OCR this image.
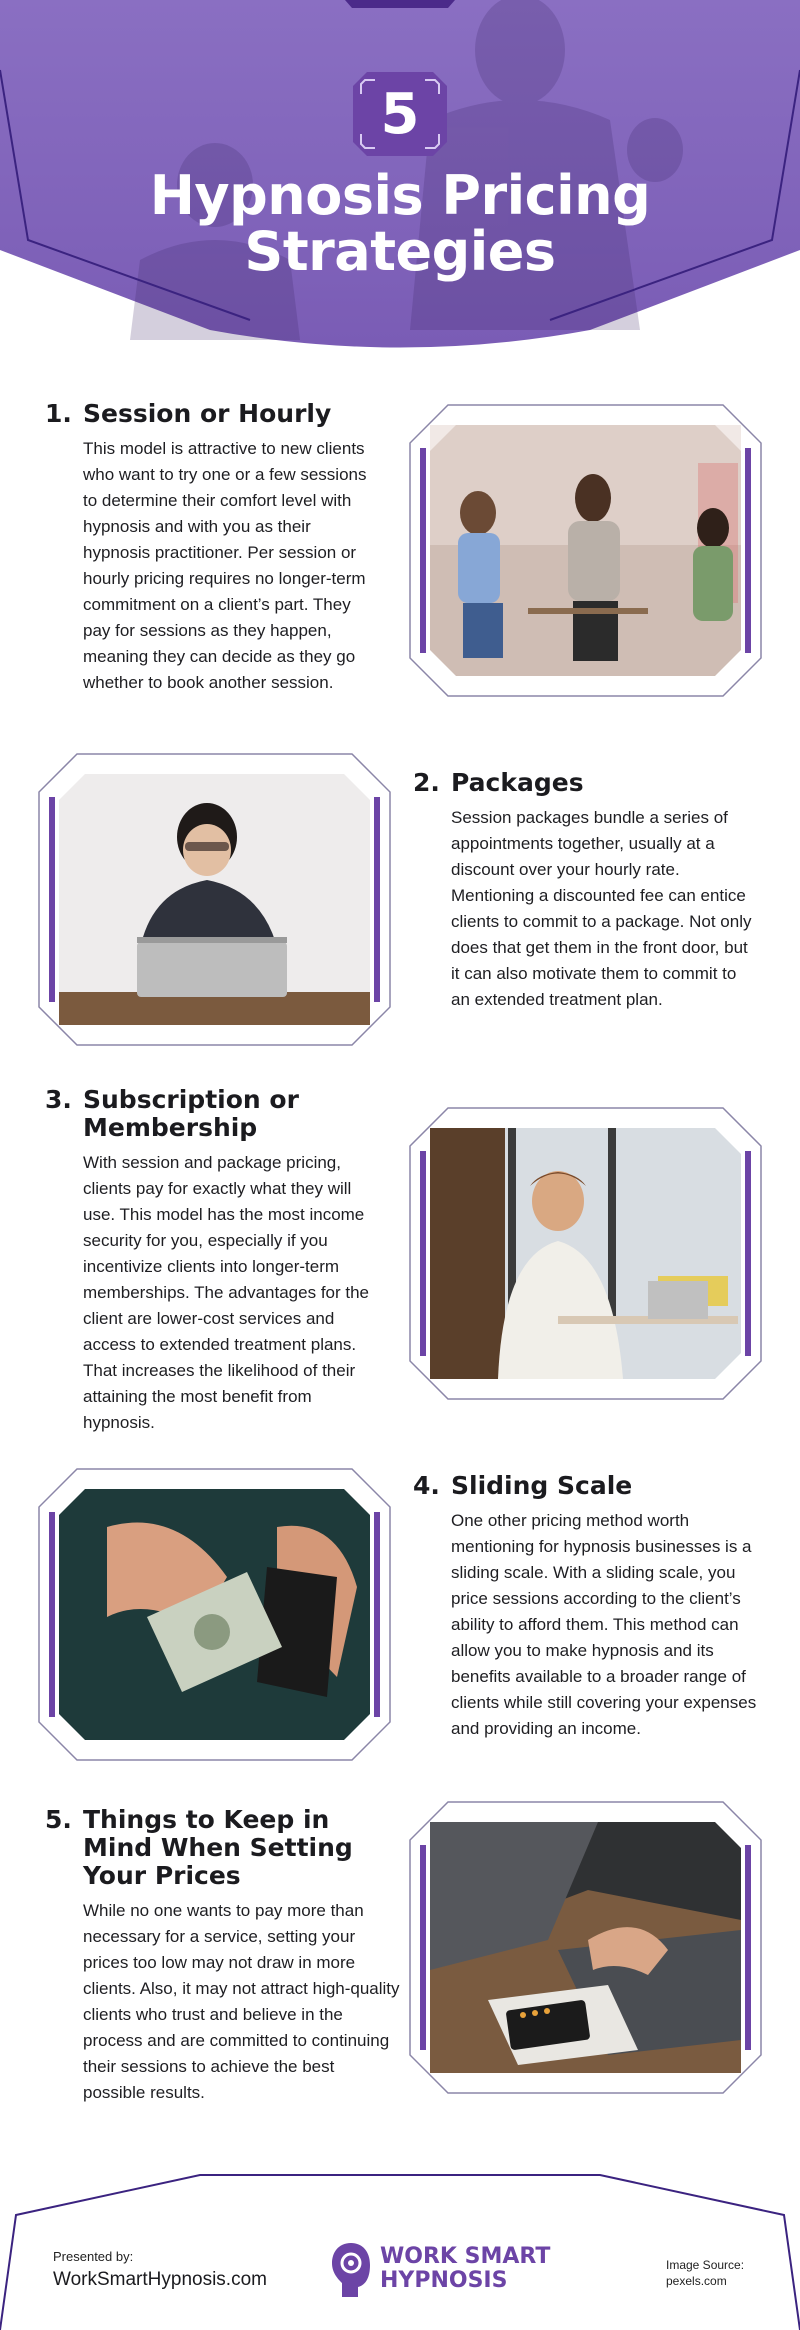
5
Hypnosis Pricing
Strategies
1. Session or Hourly
This model is attractive to new clients who want to try one or a few sessions to determine their comfort level with hypnosis and with you as their hypnosis practitioner. Per session or hourly pricing requires no longer-term commitment on a client’s part. They pay for sessions as they happen, meaning they can decide as they go whether to book another session.
2. Packages
Session packages bundle a series of appointments together, usually at a discount over your hourly rate. Mentioning a discounted fee can entice clients to commit to a package. Not only does that get them in the front door, but it can also motivate them to commit to an extended treatment plan.
3. Subscription or Membership
With session and package pricing, clients pay for exactly what they will use. This model has the most income security for you, especially if you incentivize clients into longer-term memberships. The advantages for the client are lower-cost services and access to extended treatment plans. That increases the likelihood of their attaining the most benefit from hypnosis.
4. Sliding Scale
One other pricing method worth mentioning for hypnosis businesses is a sliding scale. With a sliding scale, you price sessions according to the client’s ability to afford them. This method can allow you to make hypnosis and its benefits available to a broader range of clients while still covering your expenses and providing an income.
5. Things to Keep in Mind When Setting Your Prices
While no one wants to pay more than necessary for a service, setting your prices too low may not draw in more clients. Also, it may not attract high-quality clients who trust and believe in the process and are committed to continuing their sessions to achieve the best possible results.
Presented by:
WorkSmartHypnosis.com
WORK SMART
HYPNOSIS
Image Source:
pexels.com
